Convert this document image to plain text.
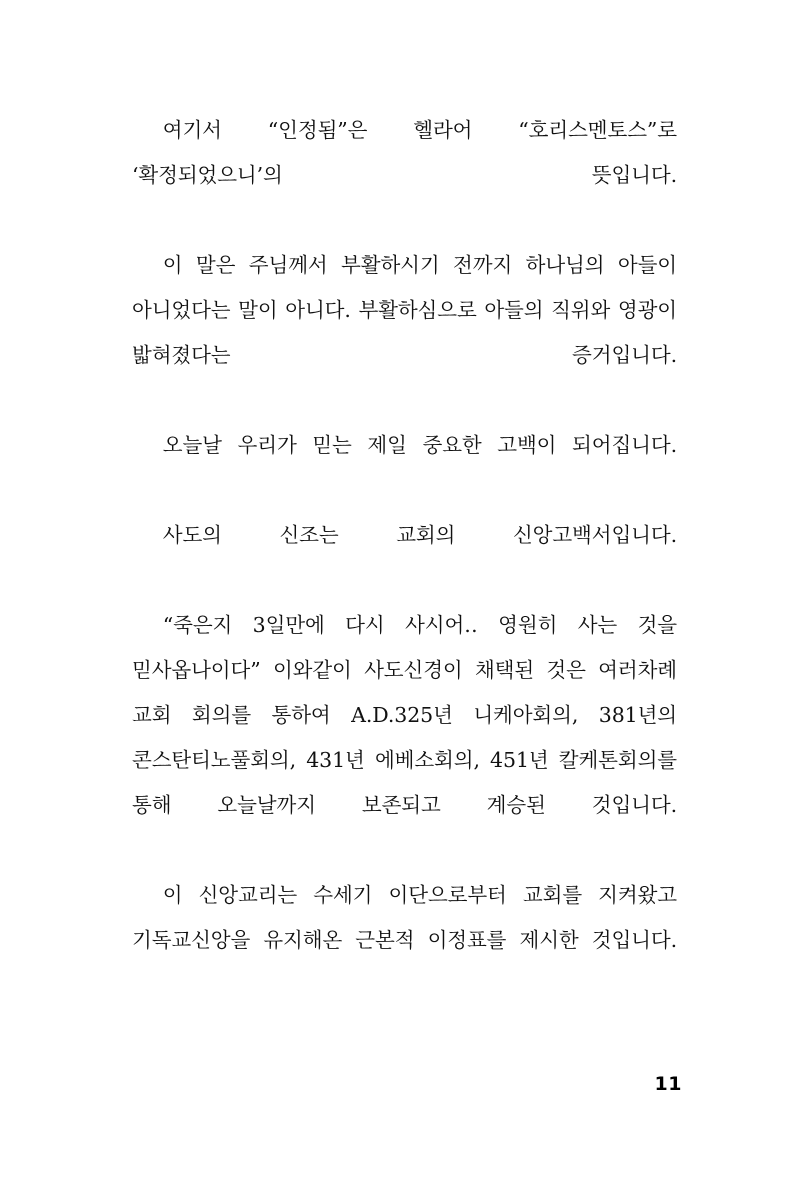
여기서 “인정됨”은 헬라어 “호리스멘토스”로 ‘확정되었으니’의 뜻입니다.

이 말은 주님께서 부활하시기 전까지 하나님의 아들이 아니었다는 말이 아니다. 부활하심으로 아들의 직위와 영광이 밟혀졌다는 증거입니다.

오늘날 우리가 믿는 제일 중요한 고백이 되어집니다.

사도의 신조는 교회의 신앙고백서입니다.

“죽은지 3일만에 다시 사시어‥ 영원히 사는 것을 믿사옵나이다” 이와같이 사도신경이 채택된 것은 여러차례 교회 회의를 통하여 A.D.325년 니케아회의, 381년의 콘스탄티노풀회의, 431년 에베소회의, 451년 칼케톤회의를 통해 오늘날까지 보존되고 계승된 것입니다.

이 신앙교리는 수세기 이단으로부터 교회를 지켜왔고 기독교신앙을 유지해온 근본적 이정표를 제시한 것입니다.

11
